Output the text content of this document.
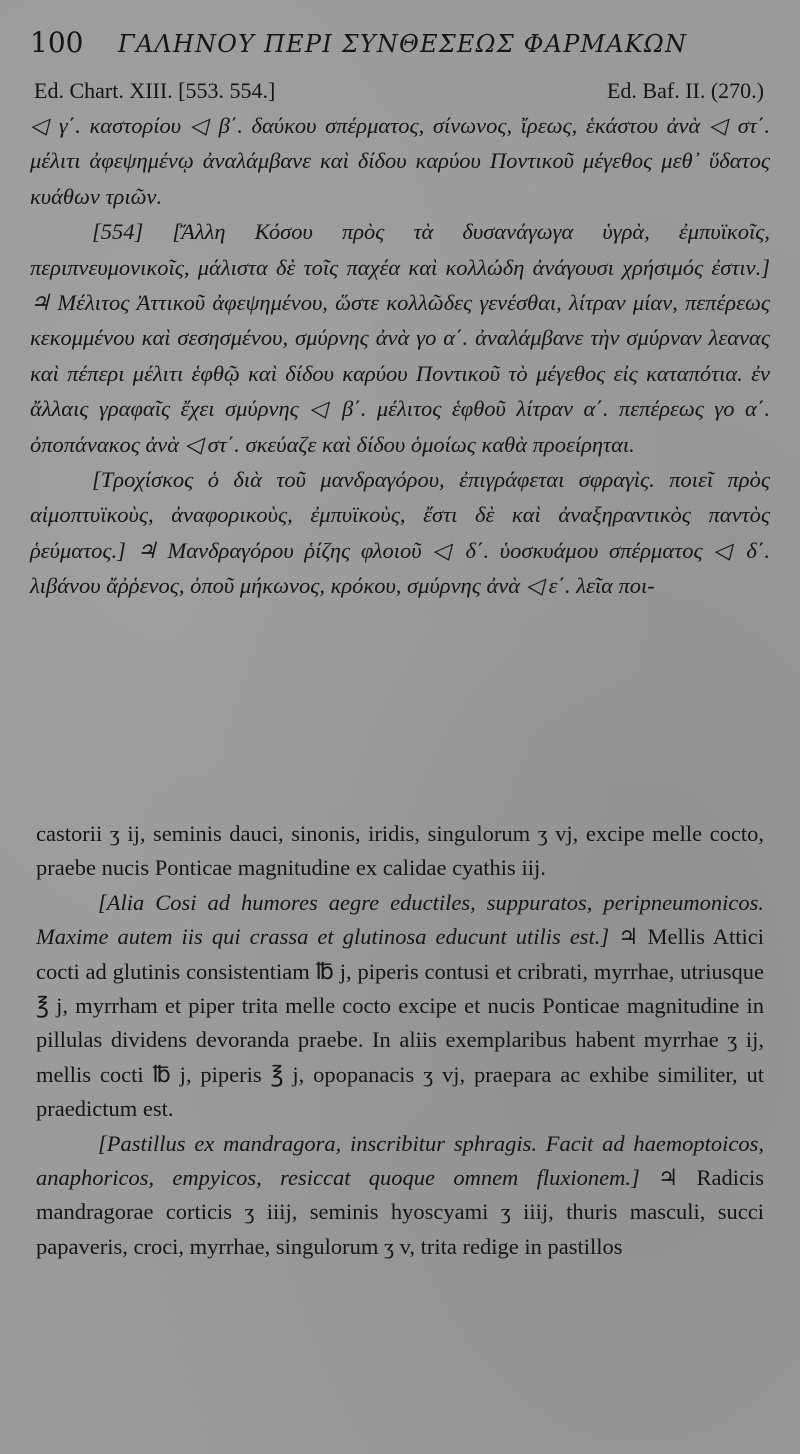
100	ΓΑΛΗΝΟΥ ΠΕΡΙ ΣΥΝΘΕΣΕΩΣ ΦΑΡΜΑΚΩΝ
Ed. Chart. XIII. [553. 554.]	Ed. Baf. II. (270.)

◁ γ΄. καστορίου ◁ β΄. δαύκου σπέρματος, σίνωνος, ἴρεως, ἑκάστου ἀνὰ ◁ στ΄. μέλιτι ἀφεψημένῳ ἀναλάμβανε καὶ δίδου καρύου Ποντικοῦ μέγεθος μεθ᾽ ὕδατος κυάθων τριῶν.

[554] [Ἄλλη Κόσου πρὸς τὰ δυσανάγωγα ὑγρὰ, ἐμπυϊκοῖς, περιπνευμονικοῖς, μάλιστα δὲ τοῖς παχέα καὶ κολλώδη ἀνάγουσι χρήσιμός ἐστιν.] ♃ Μέλιτος Ἀττικοῦ ἀφεψημένου, ὥστε κολλῶδες γενέσθαι, λίτραν μίαν, πεπέρεως κεκομμένου καὶ σεσησμένου, σμύρνης ἀνὰ γο α΄. ἀναλάμβανε τὴν σμύρναν λεανας καὶ πέπερι μέλιτι ἑφθῷ καὶ δίδου καρύου Ποντικοῦ τὸ μέγεθος εἰς καταπότια. ἐν ἄλλαις γραφαῖς ἔχει σμύρνης ◁ β΄. μέλιτος ἑφθοῦ λίτραν α΄. πεπέρεως γο α΄. ὀποπάνακος ἀνὰ ◁ στ΄. σκεύαζε καὶ δίδου ὁμοίως καθὰ προείρηται.

[Τροχίσκος ὁ διὰ τοῦ μανδραγόρου, ἐπιγράφεται σφραγὶς. ποιεῖ πρὸς αἱμοπτυϊκοὺς, ἀναφορικοὺς, ἐμπυϊκοὺς, ἔστι δὲ καὶ ἀναξηραντικὸς παντὸς ῥεύματος.] ♃ Μανδραγόρου ῥίζης φλοιοῦ ◁ δ΄. ὑοσκυάμου σπέρματος ◁ δ΄. λιβάνου ἄῤῥενος, ὀποῦ μήκωνος, κρόκου, σμύρνης ἀνὰ ◁ ε΄. λεῖα ποι-

castorii ʒ ij, seminis dauci, sinonis, iridis, singulorum ʒ vj, excipe melle cocto, praebe nucis Ponticae magnitudine ex calidae cyathis iij.

[Alia Cosi ad humores aegre eductiles, suppuratos, peripneumonicos. Maxime autem iis qui crassa et glutinosa educunt utilis est.] ♃ Mellis Attici cocti ad glutinis consistentiam ℔ j, piperis contusi et cribrati, myrrhae, utriusque ℥ j, myrrham et piper trita melle cocto excipe et nucis Ponticae magnitudine in pillulas dividens devoranda praebe. In aliis exemplaribus habent myrrhae ʒ ij, mellis cocti ℔ j, piperis ℥ j, opopanacis ʒ vj, praepara ac exhibe similiter, ut praedictum est.

[Pastillus ex mandragora, inscribitur sphragis. Facit ad haemoptoicos, anaphoricos, empyicos, resiccat quoque omnem fluxionem.] ♃ Radicis mandragorae corticis ʒ iiij, seminis hyoscyami ʒ iiij, thuris masculi, succi papaveris, croci, myrrhae, singulorum ʒ v, trita redige in pastillos
